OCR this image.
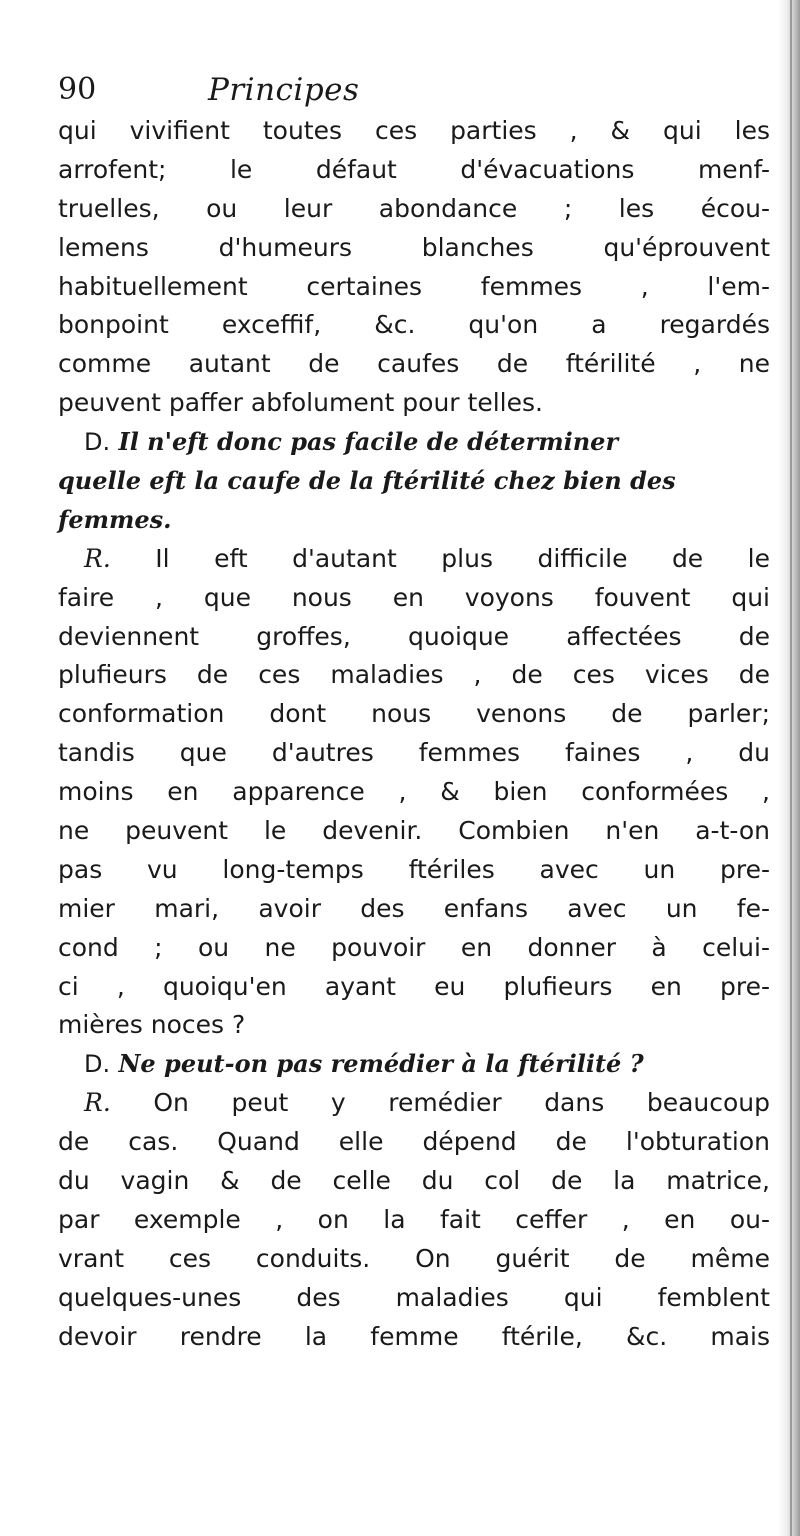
90	Principes
qui vivifient toutes ces parties , & qui les
arrofent; le défaut d'évacuations menf-
truelles, ou leur abondance ; les écou-
lemens d'humeurs blanches qu'éprouvent
habituellement certaines femmes , l'em-
bonpoint exceffif, &c. qu'on a regardés
comme autant de caufes de ftérilité , ne
peuvent paffer abfolument pour telles.
D. Il n'eft donc pas facile de déterminer
quelle eft la caufe de la ftérilité chez bien des
femmes.
R. Il eft d'autant plus difficile de le
faire , que nous en voyons fouvent qui
deviennent groffes, quoique affectées de
plufieurs de ces maladies , de ces vices de
conformation dont nous venons de parler;
tandis que d'autres femmes faines , du
moins en apparence , & bien conformées ,
ne peuvent le devenir. Combien n'en a-t-on
pas vu long-temps ftériles avec un pre-
mier mari, avoir des enfans avec un fe-
cond ; ou ne pouvoir en donner à celui-
ci , quoiqu'en ayant eu plufieurs en pre-
mières noces ?
D. Ne peut-on pas remédier à la ftérilité ?
R. On peut y remédier dans beaucoup
de cas. Quand elle dépend de l'obturation
du vagin & de celle du col de la matrice,
par exemple , on la fait ceffer , en ou-
vrant ces conduits. On guérit de même
quelques-unes des maladies qui femblent
devoir rendre la femme ftérile, &c. mais
